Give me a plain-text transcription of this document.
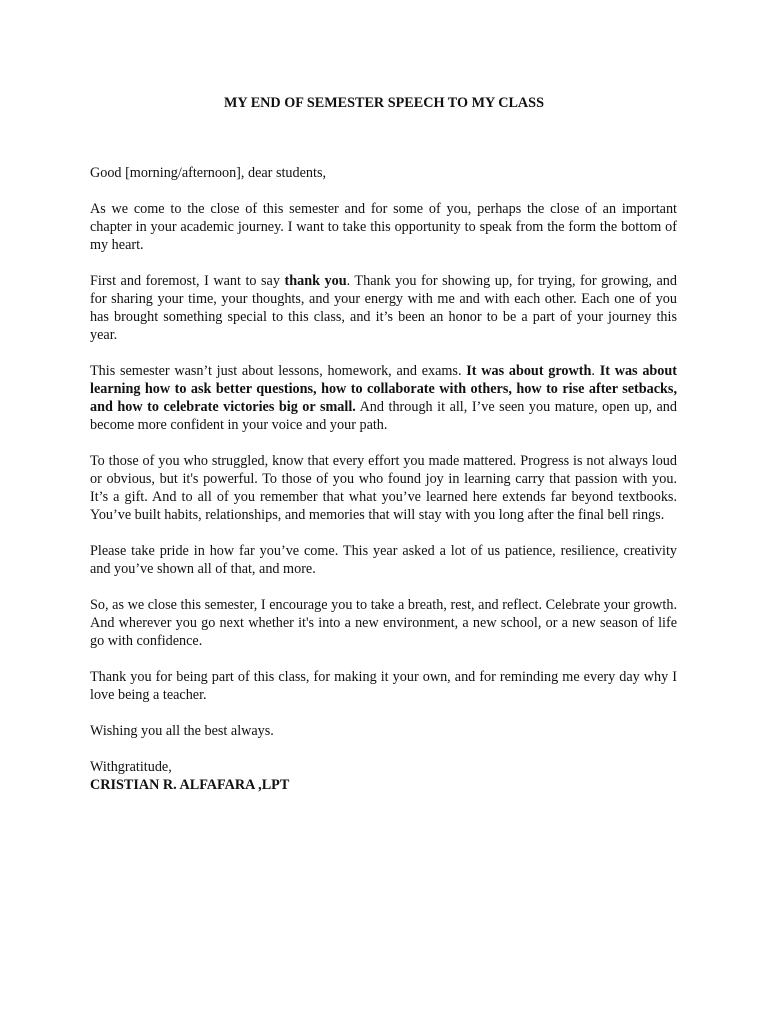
MY END OF SEMESTER SPEECH TO MY CLASS

Good [morning/afternoon], dear students,

As we come to the close of this semester and for some of you, perhaps the close of an important chapter in your academic journey. I want to take this opportunity to speak from the form the bottom of my heart.

First and foremost, I want to say thank you. Thank you for showing up, for trying, for growing, and for sharing your time, your thoughts, and your energy with me and with each other. Each one of you has brought something special to this class, and it’s been an honor to be a part of your journey this year.

This semester wasn’t just about lessons, homework, and exams. It was about growth. It was about learning how to ask better questions, how to collaborate with others, how to rise after setbacks, and how to celebrate victories big or small. And through it all, I’ve seen you mature, open up, and become more confident in your voice and your path.

To those of you who struggled, know that every effort you made mattered. Progress is not always loud or obvious, but it's powerful. To those of you who found joy in learning carry that passion with you. It’s a gift. And to all of you remember that what you’ve learned here extends far beyond textbooks. You’ve built habits, relationships, and memories that will stay with you long after the final bell rings.

Please take pride in how far you’ve come. This year asked a lot of us patience, resilience, creativity and you’ve shown all of that, and more.

So, as we close this semester, I encourage you to take a breath, rest, and reflect. Celebrate your growth. And wherever you go next whether it's into a new environment, a new school, or a new season of life go with confidence.

Thank you for being part of this class, for making it your own, and for reminding me every day why I love being a teacher.

Wishing you all the best always.

Withgratitude,
CRISTIAN R. ALFAFARA ,LPT
